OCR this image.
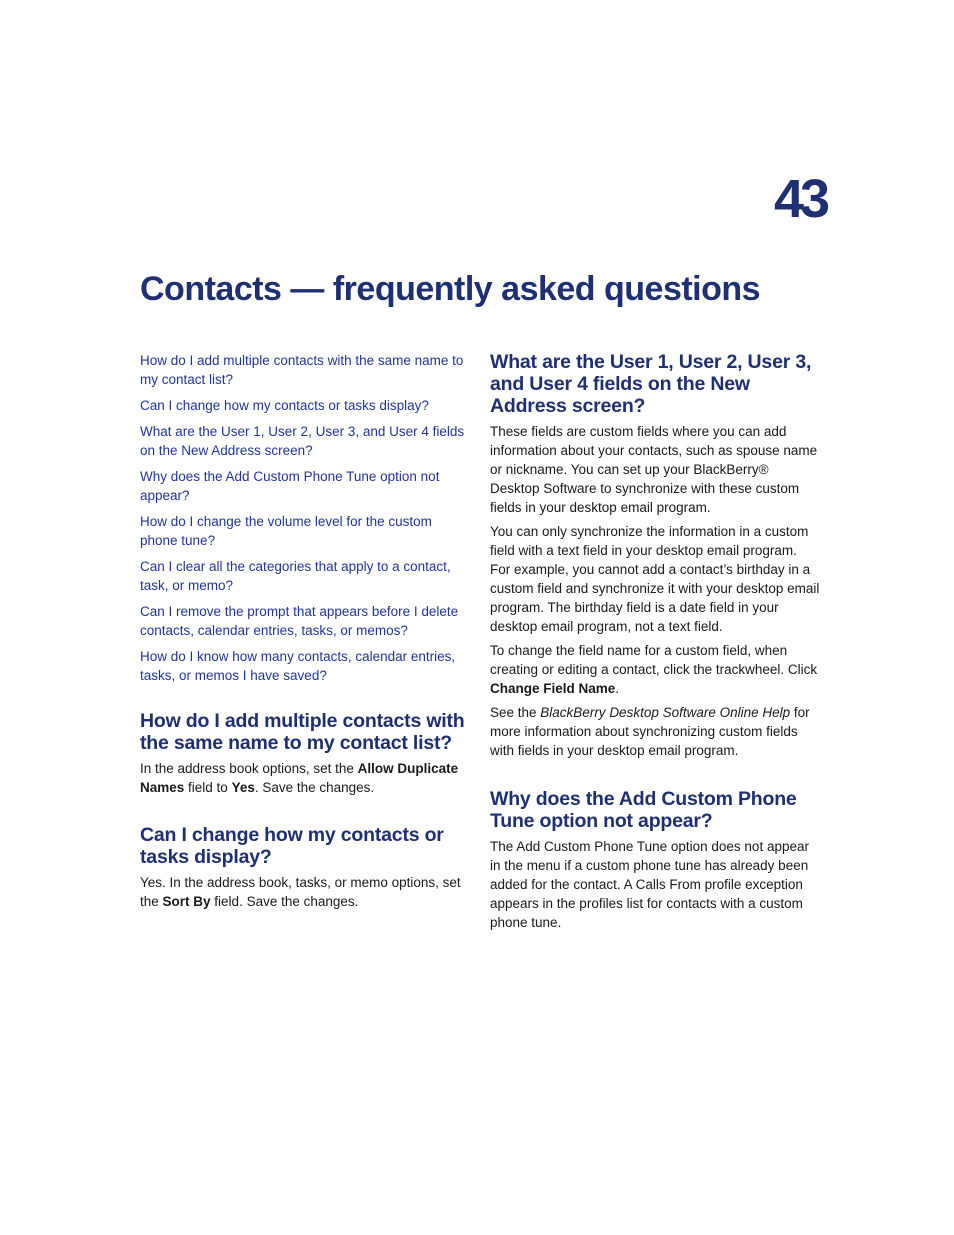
43
Contacts — frequently asked questions
How do I add multiple contacts with the same name to my contact list?
Can I change how my contacts or tasks display?
What are the User 1, User 2, User 3, and User 4 fields on the New Address screen?
Why does the Add Custom Phone Tune option not appear?
How do I change the volume level for the custom phone tune?
Can I clear all the categories that apply to a contact, task, or memo?
Can I remove the prompt that appears before I delete contacts, calendar entries, tasks, or memos?
How do I know how many contacts, calendar entries, tasks, or memos I have saved?
How do I add multiple contacts with the same name to my contact list?

In the address book options, set the Allow Duplicate Names field to Yes. Save the changes.

Can I change how my contacts or tasks display?

Yes. In the address book, tasks, or memo options, set the Sort By field. Save the changes.

What are the User 1, User 2, User 3, and User 4 fields on the New Address screen?

These fields are custom fields where you can add information about your contacts, such as spouse name or nickname. You can set up your BlackBerry® Desktop Software to synchronize with these custom fields in your desktop email program.

You can only synchronize the information in a custom field with a text field in your desktop email program. For example, you cannot add a contact’s birthday in a custom field and synchronize it with your desktop email program. The birthday field is a date field in your desktop email program, not a text field.

To change the field name for a custom field, when creating or editing a contact, click the trackwheel. Click Change Field Name.

See the BlackBerry Desktop Software Online Help for more information about synchronizing custom fields with fields in your desktop email program.

Why does the Add Custom Phone Tune option not appear?

The Add Custom Phone Tune option does not appear in the menu if a custom phone tune has already been added for the contact. A Calls From profile exception appears in the profiles list for contacts with a custom phone tune.
